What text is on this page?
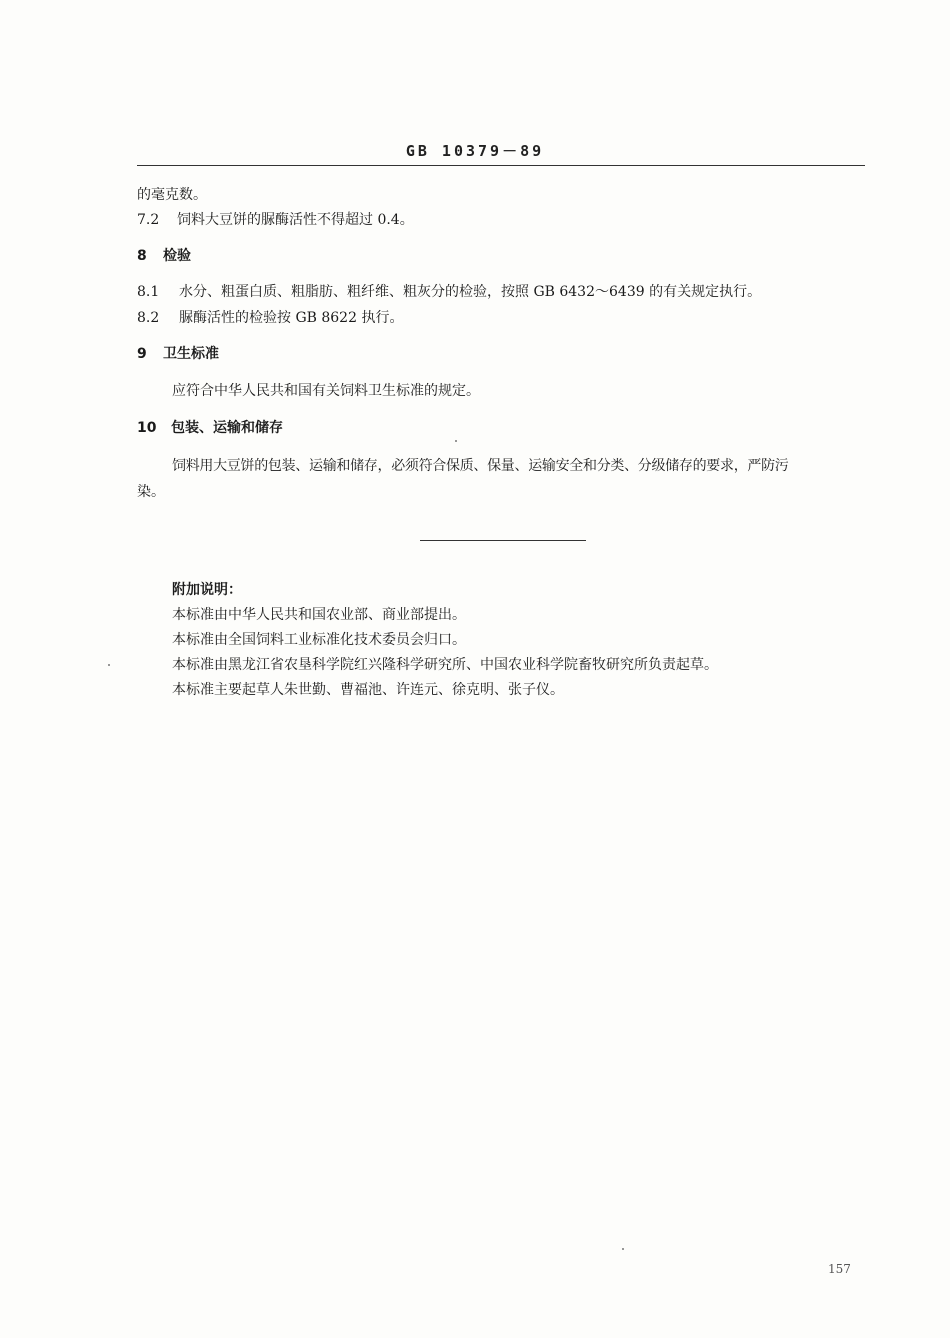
GB 10379－89
的毫克数。
7.2 饲料大豆饼的脲酶活性不得超过 0.4。
8 检验
8.1 水分、粗蛋白质、粗脂肪、粗纤维、粗灰分的检验，按照 GB 6432～6439 的有关规定执行。
8.2 脲酶活性的检验按 GB 8622 执行。
9 卫生标准
应符合中华人民共和国有关饲料卫生标准的规定。
10 包装、运输和储存
饲料用大豆饼的包装、运输和储存，必须符合保质、保量、运输安全和分类、分级储存的要求，严防污
染。
附加说明：
本标准由中华人民共和国农业部、商业部提出。
本标准由全国饲料工业标准化技术委员会归口。
本标准由黑龙江省农垦科学院红兴隆科学研究所、中国农业科学院畜牧研究所负责起草。
本标准主要起草人朱世勤、曹福池、许连元、徐克明、张子仪。
157
